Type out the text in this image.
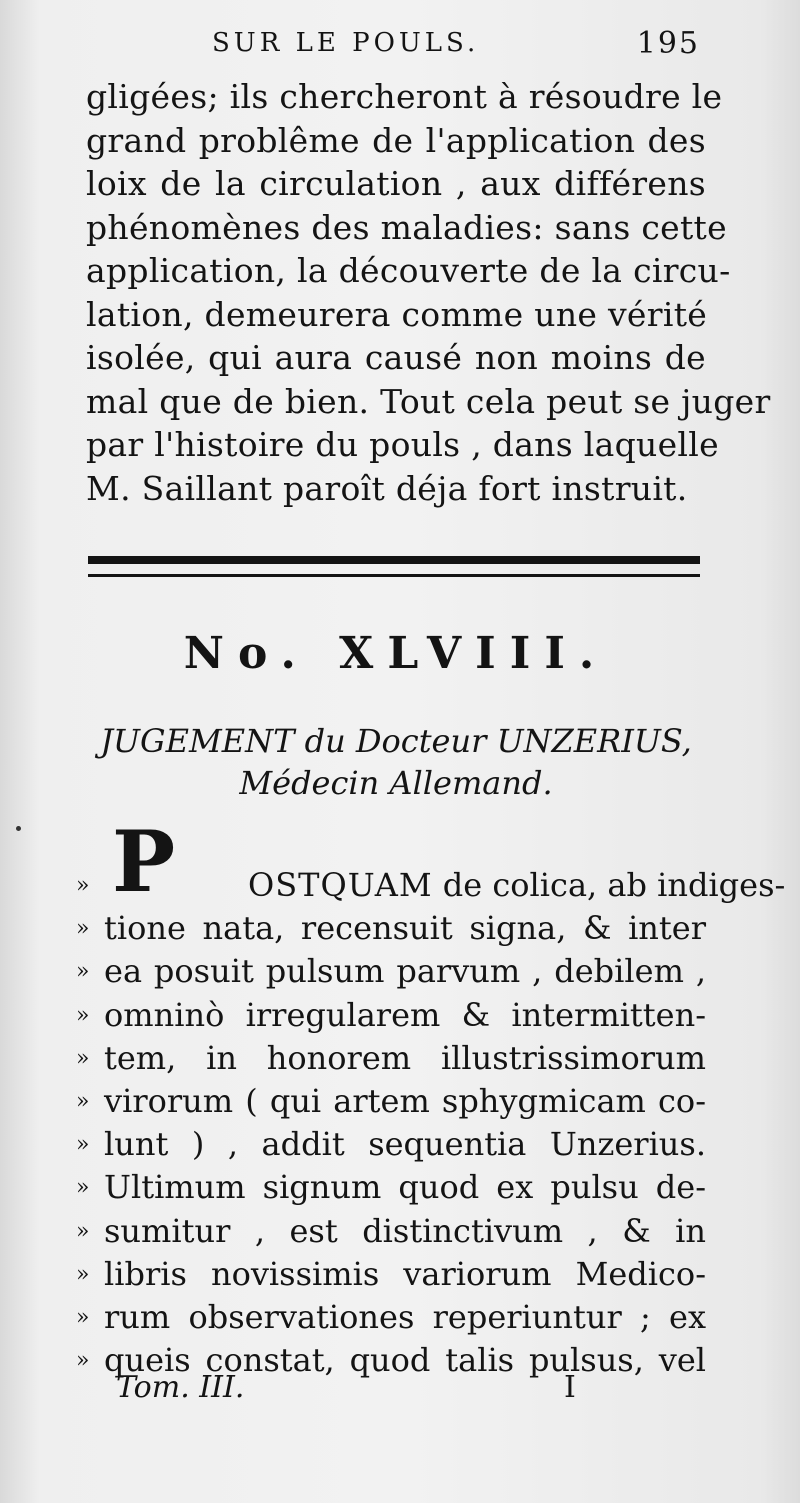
SUR LE POULS.	195
gligées; ils chercheront à résoudre le
grand problême de l'application des
loix de la circulation , aux différens
phénomènes des maladies: sans cette
application, la découverte de la circu-
lation, demeurera comme une vérité
isolée, qui aura causé non moins de
mal que de bien. Tout cela peut se juger
par l'histoire du pouls , dans laquelle
M. Saillant paroît déja fort instruit.
No. XLVIII.
JUGEMENT du Docteur UNZERIUS,
Médecin Allemand.
P
»	OSTQUAM de colica, ab indiges-
» tione nata, recensuit signa, & inter
» ea posuit pulsum parvum , debilem ,
» omninò irregularem & intermitten-
» tem, in honorem illustrissimorum
» virorum ( qui artem sphygmicam co-
» lunt ) , addit sequentia Unzerius.
» Ultimum signum quod ex pulsu de-
» sumitur , est distinctivum , & in
» libris novissimis variorum Medico-
» rum observationes reperiuntur ; ex
» queis constat, quod talis pulsus, vel
Tom. III.	I
